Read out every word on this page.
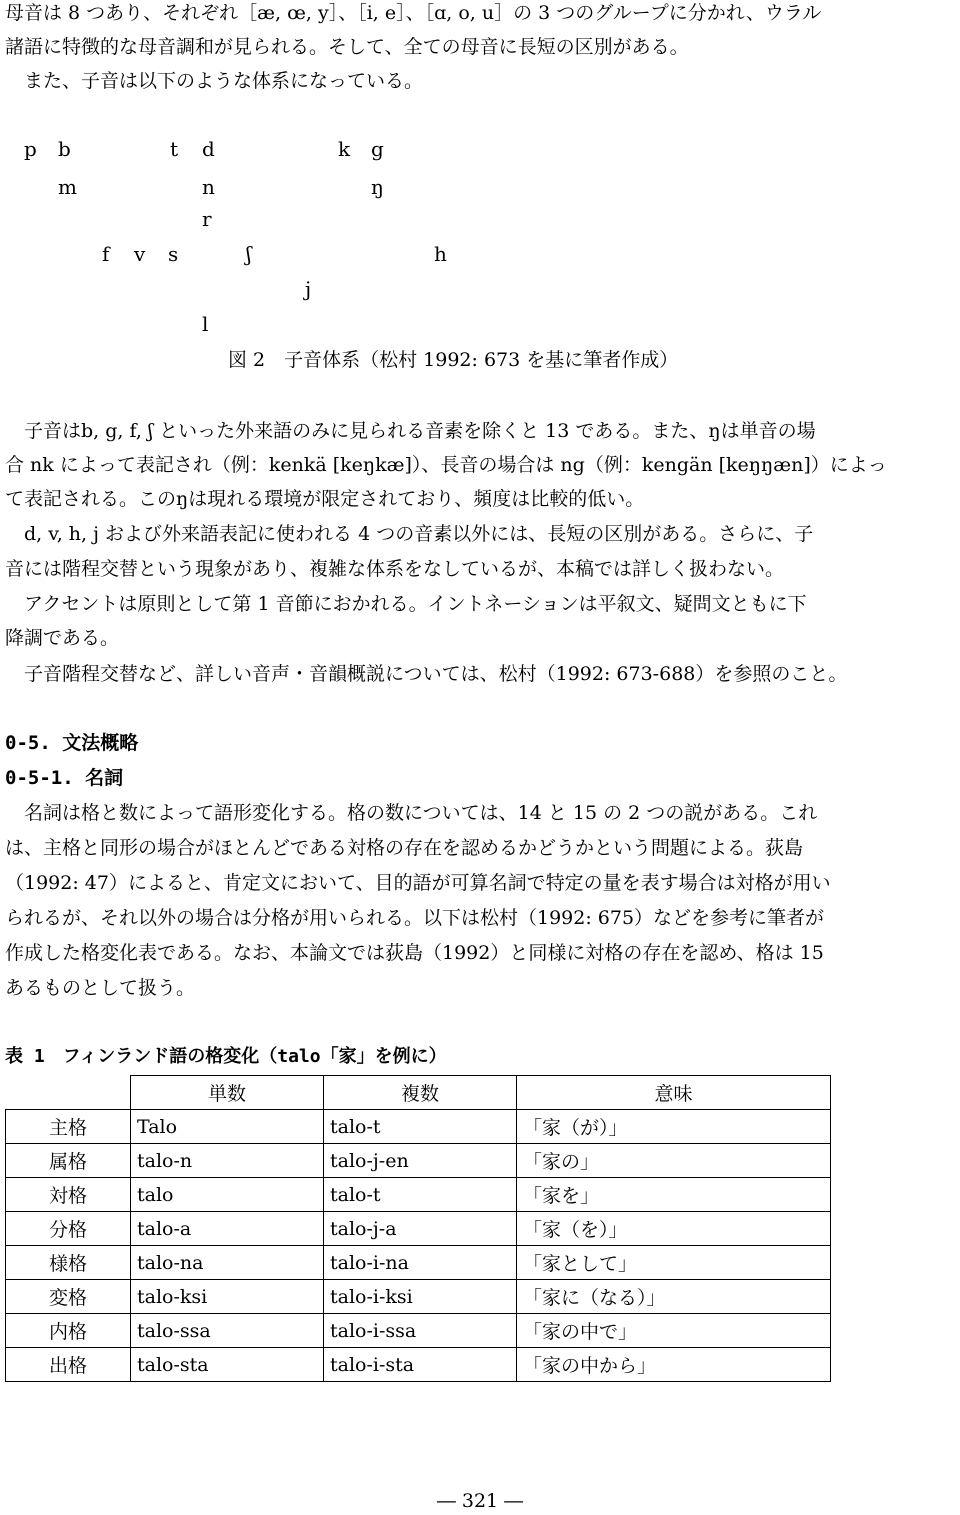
母音は 8 つあり、それぞれ［æ, œ, y］、［i, e］、［ɑ, o, u］の 3 つのグループに分かれ、ウラル
諸語に特徴的な母音調和が見られる。そして、全ての母音に長短の区別がある。
　また、子音は以下のような体系になっている。
p b	t d	k g
m	n	ŋ
r
f v s	ʃ	h
j
l
図 2　子音体系（松村 1992: 673 を基に筆者作成）
子音はb, g, f, ʃ といった外来語のみに見られる音素を除くと 13 である。また、ŋは単音の場
合 nk によって表記され（例：kenkä [keŋkæ]）、長音の場合は ng（例：kengän [keŋŋæn]）によっ
て表記される。このŋは現れる環境が限定されており、頻度は比較的低い。
d, v, h, j および外来語表記に使われる 4 つの音素以外には、長短の区別がある。さらに、子
音には階程交替という現象があり、複雑な体系をなしているが、本稿では詳しく扱わない。
アクセントは原則として第 1 音節におかれる。イントネーションは平叙文、疑問文ともに下
降調である。
子音階程交替など、詳しい音声・音韻概説については、松村（1992: 673-688）を参照のこと。
0-5. 文法概略
0-5-1. 名詞
名詞は格と数によって語形変化する。格の数については、14 と 15 の 2 つの説がある。これ
は、主格と同形の場合がほとんどである対格の存在を認めるかどうかという問題による。荻島
（1992: 47）によると、肯定文において、目的語が可算名詞で特定の量を表す場合は対格が用い
られるが、それ以外の場合は分格が用いられる。以下は松村（1992: 675）などを参考に筆者が
作成した格変化表である。なお、本論文では荻島（1992）と同様に対格の存在を認め、格は 15
あるものとして扱う。
表 1　フィンランド語の格変化（talo「家」を例に）
	単数	複数	意味
主格	Talo	talo-t	「家（が）」
属格	talo-n	talo-j-en	「家の」
対格	talo	talo-t	「家を」
分格	talo-a	talo-j-a	「家（を）」
様格	talo-na	talo-i-na	「家として」
変格	talo-ksi	talo-i-ksi	「家に（なる）」
内格	talo-ssa	talo-i-ssa	「家の中で」
出格	talo-sta	talo-i-sta	「家の中から」
― 321 ―
